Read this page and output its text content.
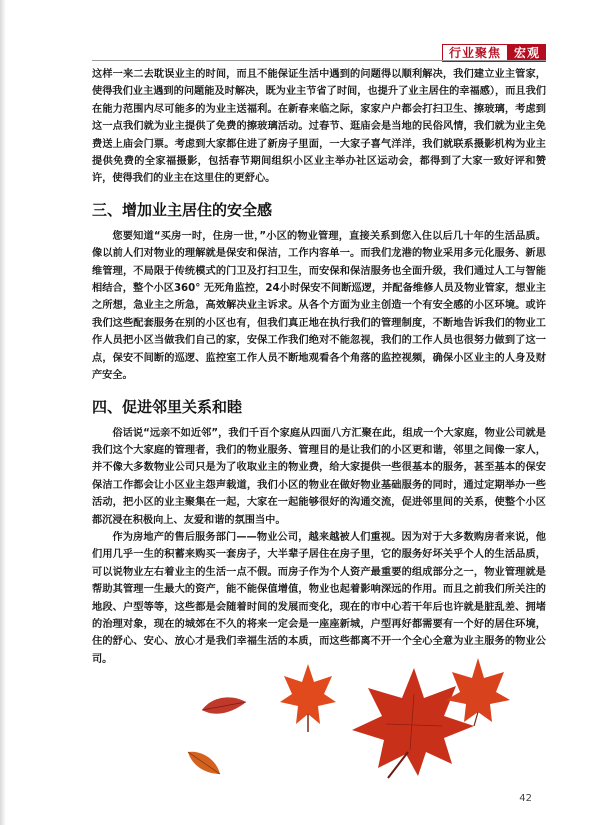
行业聚焦	宏观

这样一来二去耽误业主的时间，而且不能保证生活中遇到的问题得以顺利解决，我们建立业主管家，使得我们业主遇到的问题能及时解决，既为业主节省了时间，也提升了业主居住的幸福感），而且我们在能力范围内尽可能多的为业主送福利。在新春来临之际，家家户户都会打扫卫生、擦玻璃，考虑到这一点我们就为业主提供了免费的擦玻璃活动。过春节、逛庙会是当地的民俗风情，我们就为业主免费送上庙会门票。考虑到大家都住进了新房子里面，一大家子喜气洋洋，我们就联系摄影机构为业主提供免费的全家福摄影，包括春节期间组织小区业主举办社区运动会，都得到了大家一致好评和赞许，使得我们的业主在这里住的更舒心。

三、增加业主居住的安全感

您要知道“买房一时，住房一世，”小区的物业管理，直接关系到您入住以后几十年的生活品质。像以前人们对物业的理解就是保安和保洁，工作内容单一。而我们龙港的物业采用多元化服务、新思维管理，不局限于传统模式的门卫及打扫卫生，而安保和保洁服务也全面升级，我们通过人工与智能相结合，整个小区360° 无死角监控，24小时保安不间断巡逻，并配备维修人员及物业管家，想业主之所想，急业主之所急，高效解决业主诉求。从各个方面为业主创造一个有安全感的小区环境。或许我们这些配套服务在别的小区也有，但我们真正地在执行我们的管理制度，不断地告诉我们的物业工作人员把小区当做我们自己的家，安保工作我们绝对不能忽视，我们的工作人员也很努力做到了这一点，保安不间断的巡逻、监控室工作人员不断地观看各个角落的监控视频，确保小区业主的人身及财产安全。

四、促进邻里关系和睦

俗话说“远亲不如近邻”，我们千百个家庭从四面八方汇聚在此，组成一个大家庭，物业公司就是我们这个大家庭的管理者，我们的物业服务、管理目的是让我们的小区更和谐，邻里之间像一家人，并不像大多数物业公司只是为了收取业主的物业费，给大家提供一些很基本的服务，甚至基本的保安保洁工作都会让小区业主怨声载道，我们小区的物业在做好物业基础服务的同时，通过定期举办一些活动，把小区的业主聚集在一起，大家在一起能够很好的沟通交流，促进邻里间的关系，使整个小区都沉浸在积极向上、友爱和谐的氛围当中。

作为房地产的售后服务部门——物业公司，越来越被人们重视。因为对于大多数购房者来说，他们用几乎一生的积蓄来购买一套房子，大半辈子居住在房子里，它的服务好坏关乎个人的生活品质，可以说物业左右着业主的生活一点不假。而房子作为个人资产最重要的组成部分之一，物业管理就是帮助其管理一生最大的资产，能不能保值增值，物业也起着影响深远的作用。而且之前我们所关注的地段、户型等等，这些都是会随着时间的发展而变化，现在的市中心若干年后也许就是脏乱差、拥堵的治理对象，现在的城郊在不久的将来一定会是一座座新城，户型再好都需要有一个好的居住环境，住的舒心、安心、放心才是我们幸福生活的本质，而这些都离不开一个全心全意为业主服务的物业公司。

42
